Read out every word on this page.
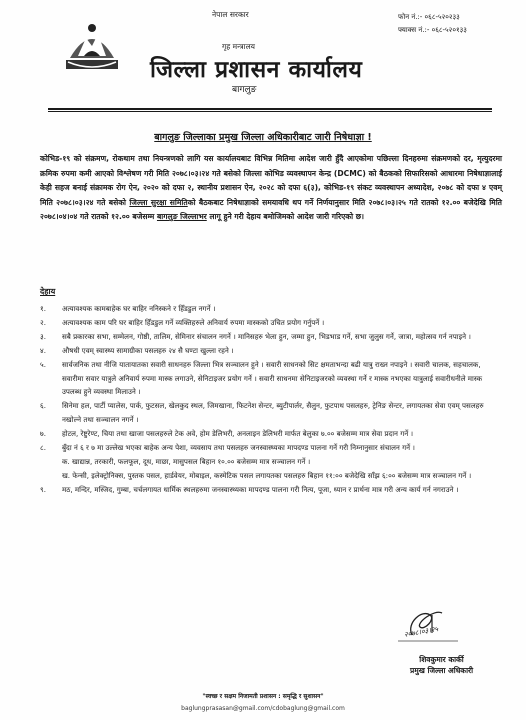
नेपाल सरकार
गृह मन्त्रालय
जिल्ला प्रशासन कार्यालय
बागलुङ
फोन नं.:- ०६८-५२०२३३
फ्याक्स नं.:- ०६८-५२०१३३
बागलुङ जिल्लाका प्रमुख जिल्ला अधिकारीबाट जारी निषेधाज्ञा !
कोभिड-१९ को संक्रमण, रोकथाम तथा नियन्त्रणको लागि यस कार्यालयबाट विभिन्न मितिमा आदेश जारी हुँदै आएकोमा पछिल्ला दिनहरुमा संक्रमणको दर, मृत्युदरमा क्रमिक रुपमा कमी आएको विश्लेषण गरी मिति २०७८।०३।२४ गते बसेको जिल्ला कोभिड व्यवस्थापन केन्द्र (DCMC) को बैठकको सिफारिसको आधारमा निषेधाज्ञालाई केही सहज बनाई संक्रामक रोग ऐन, २०२० को दफा २, स्थानीय प्रशासन ऐन, २०२८ को दफा ६(३), कोभिड-१९ संकट व्यवस्थापन अध्यादेश, २०७८ को दफा ४ एवम् मिति २०७८।०३।२४ गते बसेको जिल्ला सुरक्षा समितिको बैठकबाट निषेधाज्ञाको समयावधि थप गर्ने निर्णयानुसार मिति २०७८।०३।२५ गते रातको १२.०० बजेदेखि मिति २०७८।०४।०४ गते रातको १२.०० बजेसम्म बागलुङ जिल्लाभर लागू हुने गरी देहाय बमोजिमको आदेश जारी गरिएको छ।
देहाय
१.	अत्यावश्यक कामबाहेक घर बाहिर ननिस्कने र हिँडडुल नगर्ने ।
२.	अत्यावश्यक काम परि घर बाहिर हिँडडुल गर्ने व्यक्तिहरुले अनिवार्य रुपमा मास्कको उचित प्रयोग गर्नुपर्ने ।
३.	सबै प्रकारका सभा, सम्मेलन, गोष्ठी, तालिम, सेमिनार संचालन नगर्ने । मानिसहरु भेला हुन, जम्मा हुन, भिडभाड गर्ने, सभा जुलुस गर्ने, जात्रा, महोत्सव गर्न नपाइने ।
४.	औषधी एवम् स्वास्थ्य सामाग्रीका पसलहरु २४ सै घण्टा खुल्ला रहने ।
५.	सार्वजनिक तथा नीजि यातायातका सवारी साधनहरु जिल्ला भित्र सञ्चालन हुने । सवारी साधनको सिट क्षमताभन्दा बढी यात्रु राख्न नपाइने । सवारी चालक, सहचालक, सवारीमा सवार यात्रुले अनिवार्य रुपमा मास्क लगाउने, सेनिटाइजर प्रयोग गर्ने । सवारी साधनमा सेनिटाइजरको व्यवस्था गर्ने र मास्क नभएका यात्रुलाई सवारीधनीले मास्क उपलब्ध हुने व्यवस्था मिलाउने ।
६.	सिनेमा हल, पार्टी प्यालेस, पार्क, फुटसल, खेलकुद स्थल, जिमखाना, फिटनेश सेन्टर, ब्युटीपार्लर, सैलुन, फुटपाथ पसलहरु, ट्रेनिङ सेन्टर, लगायतका सेवा एवम् पसलहरु नखोल्ने तथा सञ्चालन नगर्ने ।
७.	होटल, रेष्टुरेण्ट, चिया तथा खाजा पसलहरुले टेक अवे, होम डेलिभरी, अनलाइन डेलिभरी मार्फत बेलुका ७.०० बजेसम्म मात्र सेवा प्रदान गर्ने ।
८.	बुँदा नं ६ र ७ मा उल्लेख भएका बाहेक अन्य पेशा, व्यवसाय तथा पसलहरु जनस्वास्थ्यका मापदण्ड पालना गर्ने गरी निम्नानुसार संचालन गर्ने ।
क. खाद्यान्न, तरकारी, फलफूल, दूध, माछा, मासुपसल बिहान १०.०० बजेसम्म मात्र सञ्चालन गर्ने ।
ख. फेन्सी, इलेक्ट्रोनिक्स, पुस्तक पसल, हार्डवेयर, मोबाइल, कस्मेटिक पसल लगायतका पसलहरु बिहान ११:०० बजेदेखि साँझ ६:०० बजेसम्म मात्र सञ्चालन गर्ने ।
९.	मठ, मन्दिर, मस्जिद, गुम्बा, चर्चलगायत धार्मिक स्थलहरुमा जनस्वास्थ्यका मापदण्ड पालना गरी नित्य, पूजा, ध्यान र प्रार्थना मात्र गरी अन्य कार्य गर्न नगराउने ।
२०७८।०३।२५
शिवकुमार कार्की
प्रमुख जिल्ला अधिकारी
"स्वच्छ र सक्षम निजामती प्रशासन : समृद्धि र सुशासन"
baglungprasasan@gmail.com/cdobaglung@gmail.com
